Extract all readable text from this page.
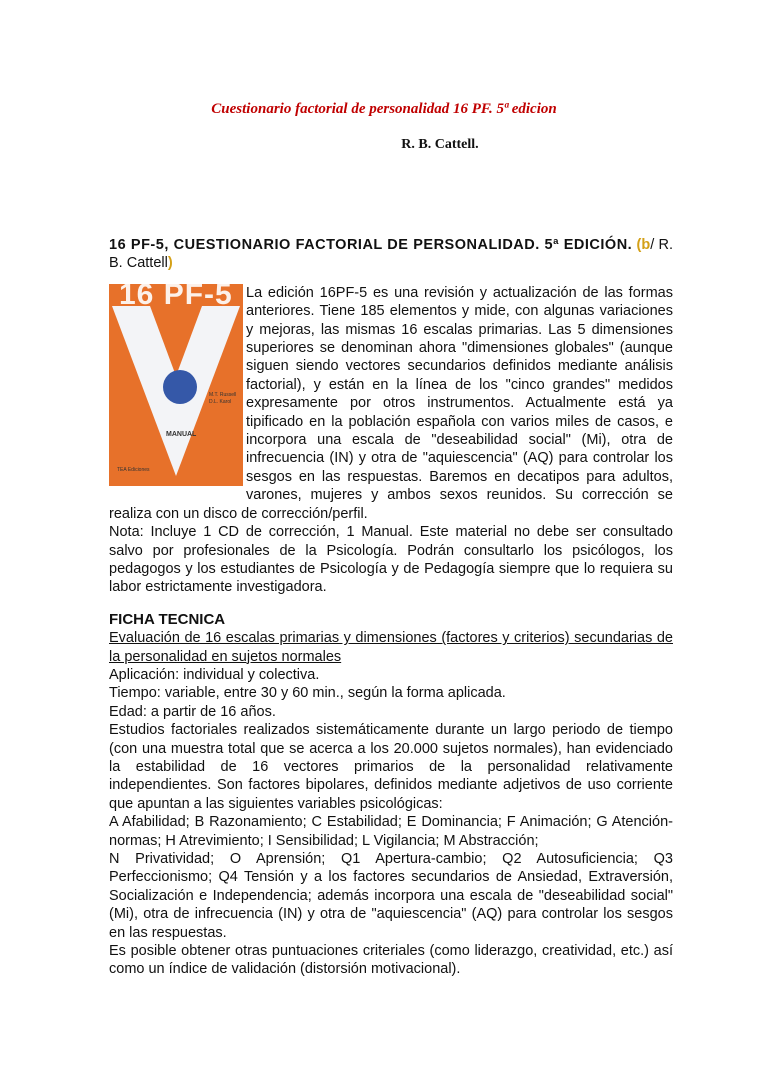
Cuestionario factorial de personalidad 16 PF. 5ª edicion
R. B. Cattell.

16 PF-5, CUESTIONARIO FACTORIAL DE PERSONALIDAD. 5ª EDICIÓN. (b/ R. B. Cattell)

16 PF-5
M.T. Russell
D.L. Karol
MANUAL
TEA Ediciones

La edición 16PF-5 es una revisión y actualización de las formas anteriores. Tiene 185 elementos y mide, con algunas variaciones y mejoras, las mismas 16 escalas primarias. Las 5 dimensiones superiores se denominan ahora "dimensiones globales" (aunque siguen siendo vectores secundarios definidos mediante análisis factorial), y están en la línea de los "cinco grandes" medidos expresamente por otros instrumentos. Actualmente está ya tipificado en la población española con varios miles de casos, e incorpora una escala de "deseabilidad social" (Mi), otra de infrecuencia (IN) y otra de "aquiescencia" (AQ) para controlar los sesgos en las respuestas. Baremos en decatipos para adultos, varones, mujeres y ambos sexos reunidos. Su corrección se realiza con un disco de corrección/perfil.

Nota: Incluye 1 CD de corrección, 1 Manual. Este material no debe ser consultado salvo por profesionales de la Psicología. Podrán consultarlo los psicólogos, los pedagogos y los estudiantes de Psicología y de Pedagogía siempre que lo requiera su labor estrictamente investigadora.

FICHA TECNICA

Evaluación de 16 escalas primarias y dimensiones (factores y criterios) secundarias de la personalidad en sujetos normales

Aplicación: individual y colectiva.

Tiempo: variable, entre 30 y 60 min., según la forma aplicada.

Edad: a partir de 16 años.

Estudios factoriales realizados sistemáticamente durante un largo periodo de tiempo (con una muestra total que se acerca a los 20.000 sujetos normales), han evidenciado la estabilidad de 16 vectores primarios de la personalidad relativamente independientes. Son factores bipolares, definidos mediante adjetivos de uso corriente que apuntan a las siguientes variables psicológicas:

A Afabilidad; B Razonamiento; C Estabilidad; E Dominancia; F Animación; G Atención-normas; H Atrevimiento; I Sensibilidad; L Vigilancia; M Abstracción;

N Privatividad; O Aprensión; Q1 Apertura-cambio; Q2 Autosuficiencia; Q3 Perfeccionismo; Q4 Tensión y a los factores secundarios de Ansiedad, Extraversión, Socialización e Independencia; además incorpora una escala de "deseabilidad social" (Mi), otra de infrecuencia (IN) y otra de "aquiescencia" (AQ) para controlar los sesgos en las respuestas.

Es posible obtener otras puntuaciones criteriales (como liderazgo, creatividad, etc.) así como un índice de validación (distorsión motivacional).
